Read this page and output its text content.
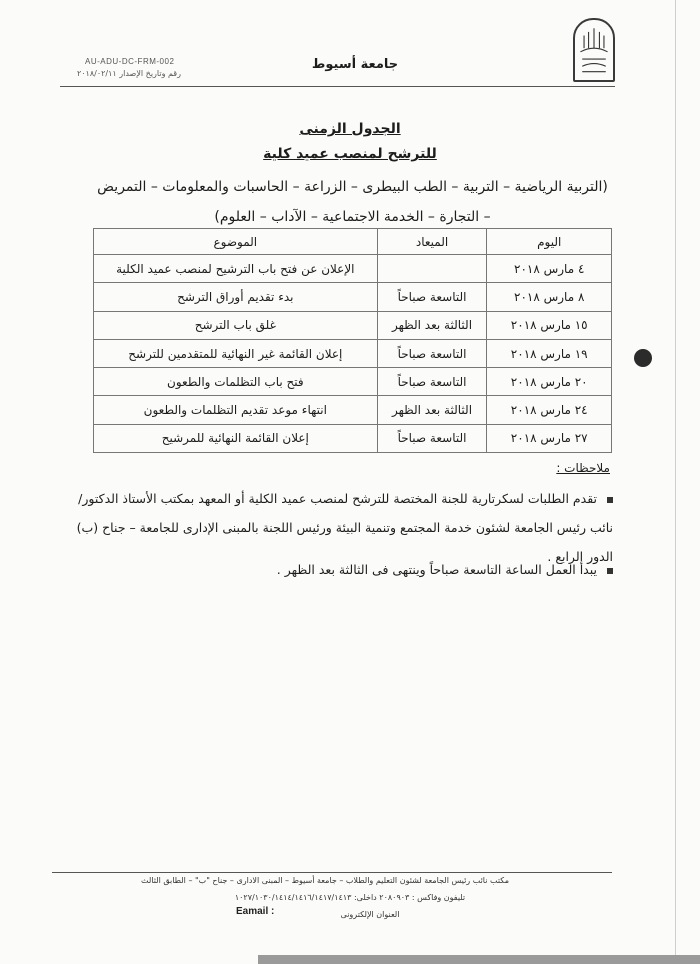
جامعة أسيوط
AU-ADU-DC-FRM-002
رقم وتاريخ الإصدار ٢٠١٨/٠٢/١١
الجدول الزمنى
للترشح لمنصب عميد كلية
(التربية الرياضية – التربية – الطب البيطرى – الزراعة – الحاسبات والمعلومات – التمريض – التجارة – الخدمة الاجتماعية – الآداب – العلوم)
اليوم	الميعاد	الموضوع
٤ مارس ٢٠١٨		الإعلان عن فتح باب الترشيح لمنصب عميد الكلية
٨ مارس ٢٠١٨	التاسعة صباحاً	بدء تقديم أوراق الترشح
١٥ مارس ٢٠١٨	الثالثة بعد الظهر	غلق باب الترشح
١٩ مارس ٢٠١٨	التاسعة صباحاً	إعلان القائمة غير النهائية للمتقدمين للترشح
٢٠ مارس ٢٠١٨	التاسعة صباحاً	فتح باب التظلمات والطعون
٢٤ مارس ٢٠١٨	الثالثة بعد الظهر	انتهاء موعد تقديم التظلمات والطعون
٢٧ مارس ٢٠١٨	التاسعة صباحاً	إعلان القائمة النهائية للمرشيح
ملاحظات :
تقدم الطلبات لسكرتارية للجنة المختصة للترشح لمنصب عميد الكلية أو المعهد بمكتب الأستاذ الدكتور/نائب رئيس الجامعة لشئون خدمة المجتمع وتنمية البيئة ورئيس اللجنة بالمبنى الإدارى للجامعة – جناح (ب) الدور الرابع .
يبدأ العمل الساعة التاسعة صباحاً وينتهى فى الثالثة بعد الظهر .
مكتب نائب رئيس الجامعة لشئون التعليم والطلاب – جامعة أسيوط – المبنى الادارى – جناح "ب" – الطابق الثالث
تليفون وفاكس : ٢٠٨٠٩٠٣ داخلى: ١٠٢٧/١٠٣٠/١٤١٤/١٤١٦/١٤١٧/١٤١٣
العنوان الإلكترونى
Eamail :
